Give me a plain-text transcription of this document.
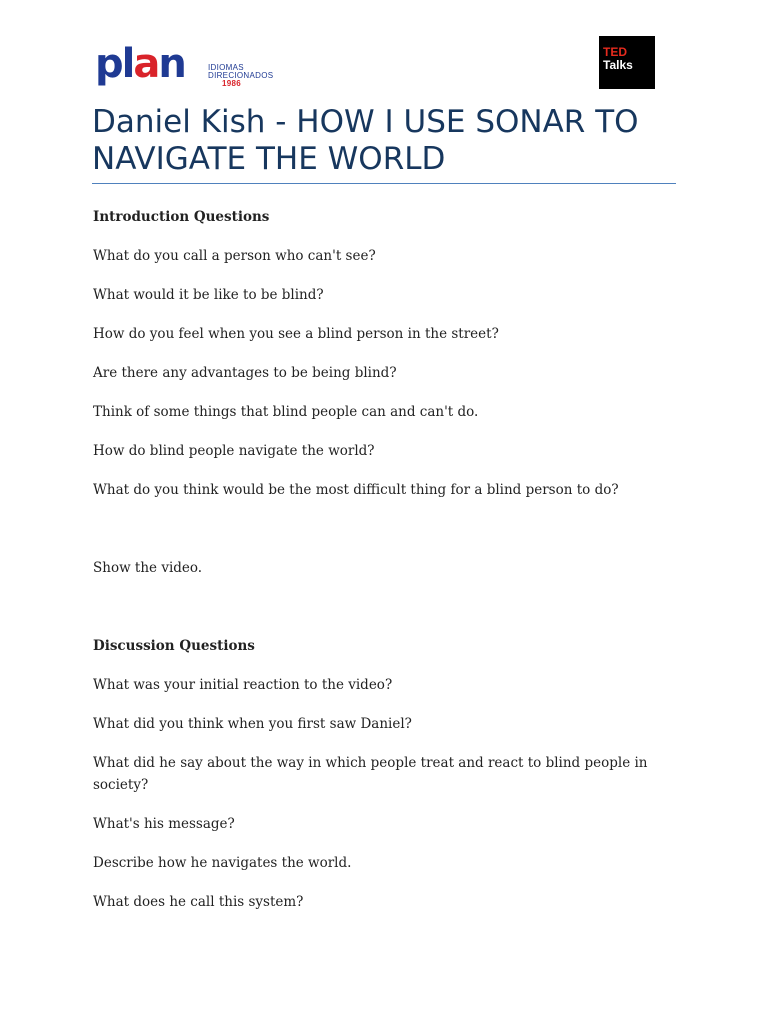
plan	IDIOMAS
DIRECIONADOS
1986
TED
Talks
Daniel Kish - HOW I USE SONAR TO NAVIGATE THE WORLD

Introduction Questions

What do you call a person who can't see?

What would it be like to be blind?

How do you feel when you see a blind person in the street?

Are there any advantages to be being blind?

Think of some things that blind people can and can't do.

How do blind people navigate the world?

What do you think would be the most difficult thing for a blind person to do?

Show the video.

Discussion Questions

What was your initial reaction to the video?

What did you think when you first saw Daniel?

What did he say about the way in which people treat and react to blind people in society?

What's his message?

Describe how he navigates the world.

What does he call this system?
